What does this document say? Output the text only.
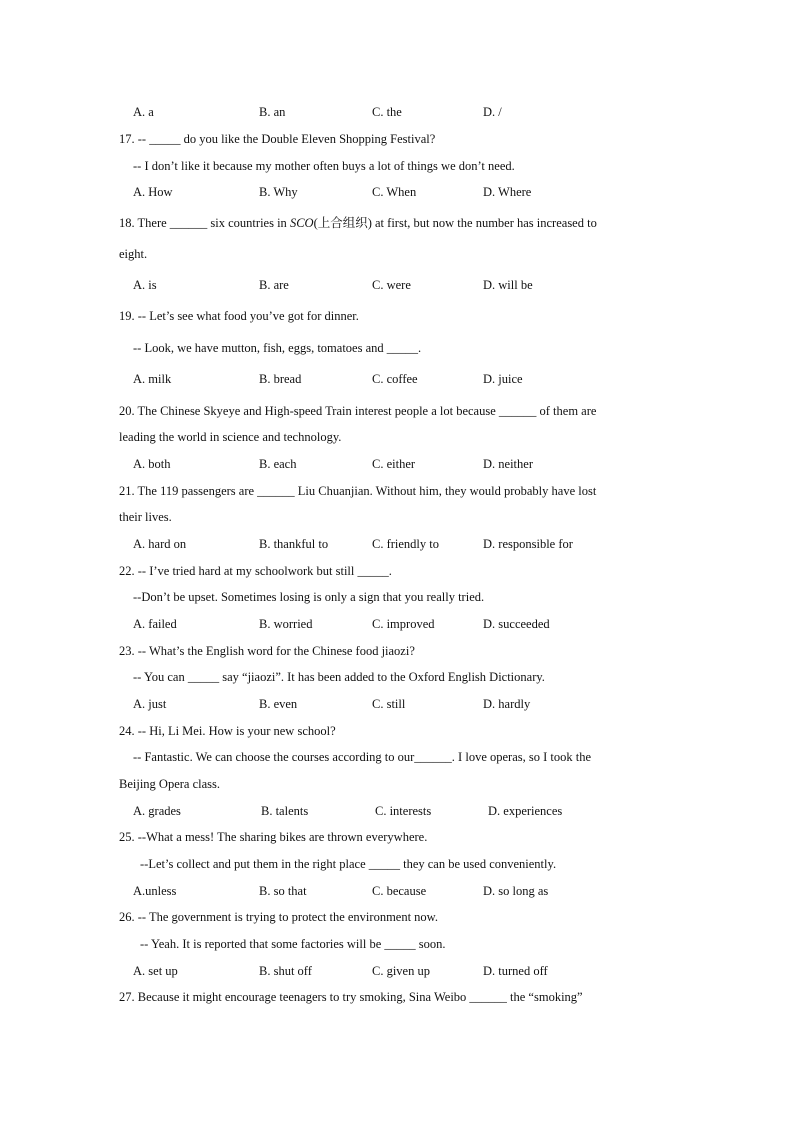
A. a	B. an	C. the	D. /
17. -- _____ do you like the Double Eleven Shopping Festival?
-- I don’t like it because my mother often buys a lot of things we don’t need.
A. How	B. Why	C. When	D. Where
18. There ______ six countries in SCO(上合组织) at first, but now the number has increased to
eight.
A. is	B. are	C. were	D. will be
19. -- Let’s see what food you’ve got for dinner.
-- Look, we have mutton, fish, eggs, tomatoes and _____.
A. milk	B. bread	C. coffee	D. juice
20. The Chinese Skyeye and High-speed Train interest people a lot because ______ of them are
leading the world in science and technology.
A. both	B. each	C. either	D. neither
21. The 119 passengers are ______ Liu Chuanjian. Without him, they would probably have lost
their lives.
A. hard on	B. thankful to	C. friendly to	D. responsible for
22. -- I’ve tried hard at my schoolwork but still _____.
--Don’t be upset. Sometimes losing is only a sign that you really tried.
A. failed	B. worried	C. improved	D. succeeded
23. -- What’s the English word for the Chinese food jiaozi?
-- You can _____ say “jiaozi”. It has been added to the Oxford English Dictionary.
A. just	B. even	C. still	D. hardly
24. -- Hi, Li Mei. How is your new school?
-- Fantastic. We can choose the courses according to our______. I love operas, so I took the
Beijing Opera class.
A. grades	B. talents	C. interests	D. experiences
25. --What a mess! The sharing bikes are thrown everywhere.
--Let’s collect and put them in the right place _____ they can be used conveniently.
A.unless	B. so that	C. because	D. so long as
26. -- The government is trying to protect the environment now.
-- Yeah. It is reported that some factories will be _____ soon.
A. set up	B. shut off	C. given up	D. turned off
27. Because it might encourage teenagers to try smoking, Sina Weibo ______ the “smoking”
